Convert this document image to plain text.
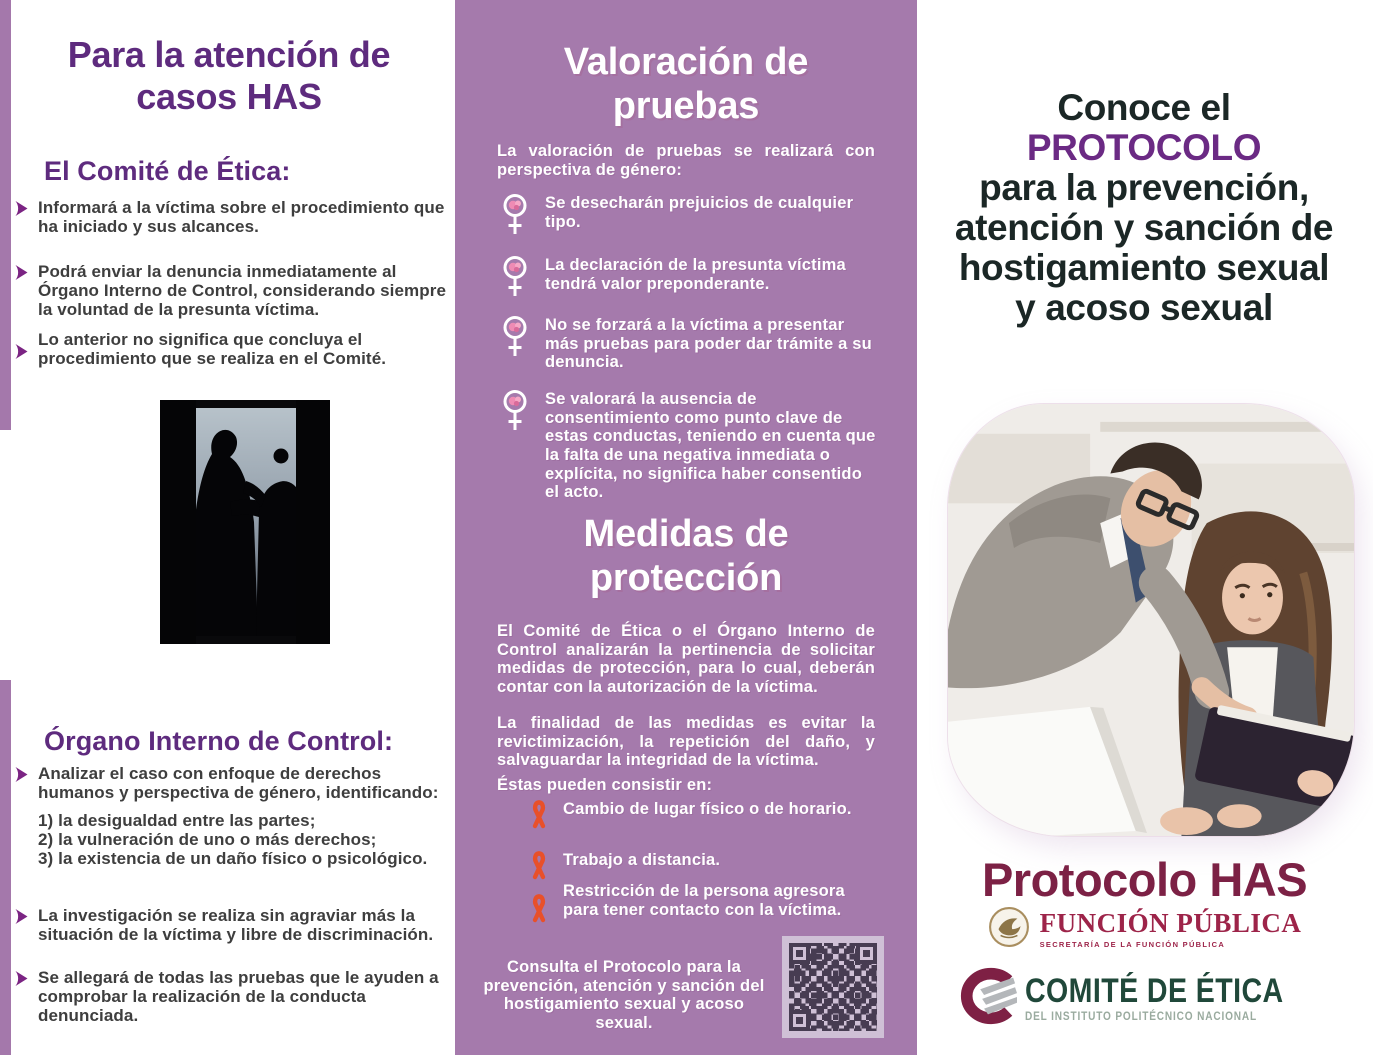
Para la atención de casos HAS
El Comité de Ética:

Informará a la víctima sobre el procedimiento que ha iniciado y sus alcances.

Podrá enviar la denuncia inmediatamente al Órgano Interno de Control, considerando siempre la voluntad de la presunta víctima.

Lo anterior no significa que concluya el procedimiento que se realiza en el Comité.

Órgano Interno de Control:

Analizar el caso con enfoque de derechos humanos y perspectiva de género, identificando:

1) la desigualdad entre las partes;

2) la vulneración de uno o más derechos;

3) la existencia de un daño físico o psicológico.

La investigación se realiza sin agraviar más la situación de la víctima y libre de discriminación.

Se allegará de todas las pruebas que le ayuden a comprobar la realización de la conducta denunciada.

Valoración de pruebas

La valoración de pruebas se realizará con perspectiva de género:

Se desecharán prejuicios de cualquier tipo.

La declaración de la presunta víctima tendrá valor preponderante.

No se forzará a la víctima a presentar más pruebas para poder dar trámite a su denuncia.

Se valorará la ausencia de consentimiento como punto clave de estas conductas, teniendo en cuenta que la falta de una negativa inmediata o explícita, no significa haber consentido el acto.

Medidas de protección

El Comité de Ética o el Órgano Interno de Control analizarán la pertinencia de solicitar medidas de protección, para lo cual, deberán contar con la autorización de la víctima.

La finalidad de las medidas es evitar la revictimización, la repetición del daño, y salvaguardar la integridad de la víctima.

Éstas pueden consistir en:

Cambio de lugar físico o de horario.

Trabajo a distancia.

Restricción de la persona agresora para tener contacto con la víctima.

Consulta el Protocolo para la prevención, atención y sanción del hostigamiento sexual y acoso sexual.

Conoce el

PROTOCOLO

para la prevención, atención y sanción de hostigamiento sexual y acoso sexual

Protocolo HAS
FUNCIÓN PÚBLICA
SECRETARÍA DE LA FUNCIÓN PÚBLICA
COMITÉ DE ÉTICA
DEL INSTITUTO POLITÉCNICO NACIONAL
